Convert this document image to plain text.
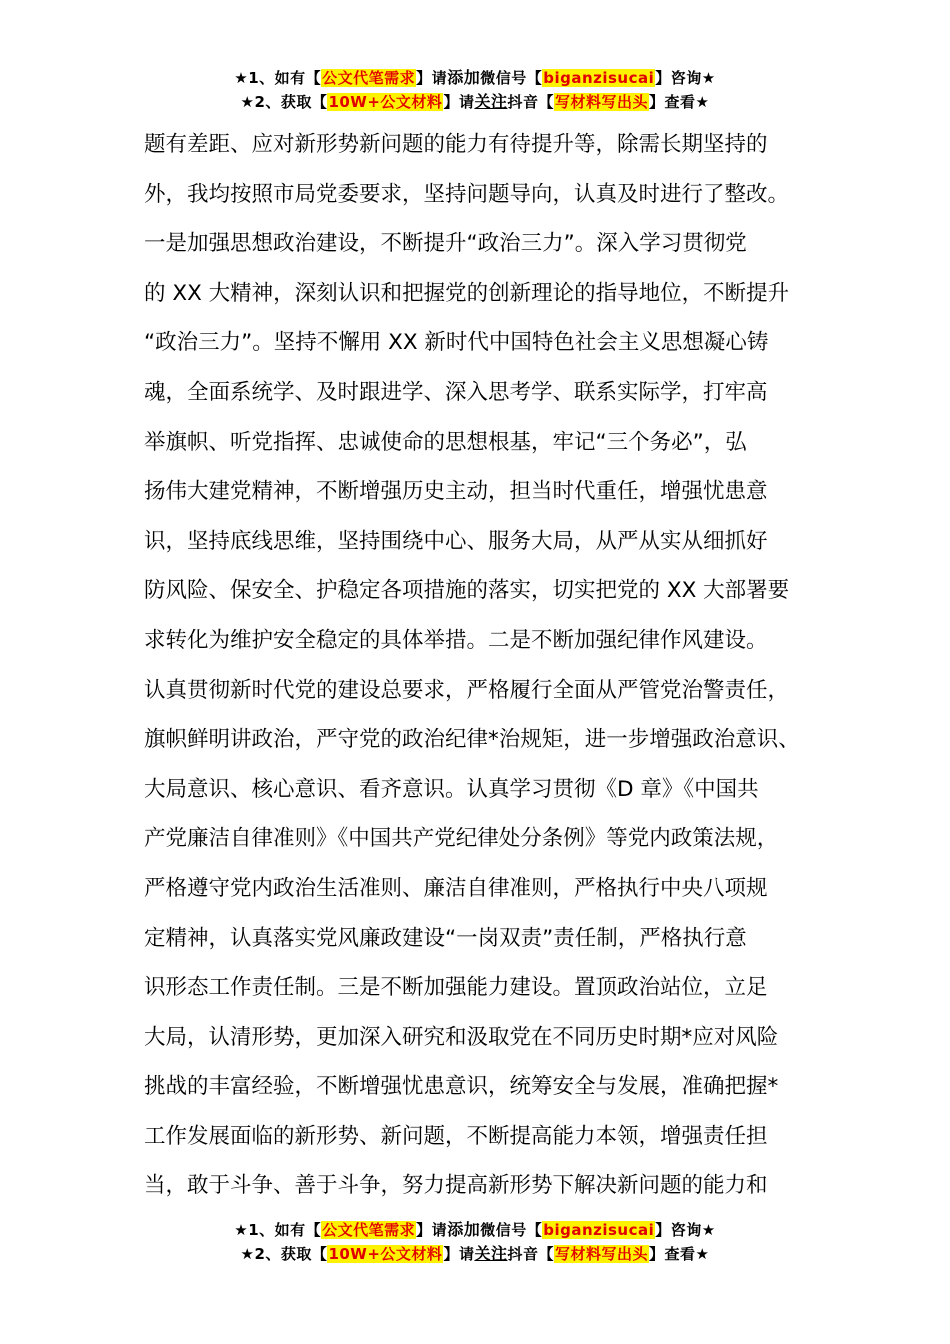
★1、如有【公文代笔需求】请添加微信号【biganzisucai】咨询★
★2、获取【10W+公文材料】请关注抖音【写材料写出头】查看★
题有差距、应对新形势新问题的能力有待提升等，除需长期坚持的
外，我均按照市局党委要求，坚持问题导向，认真及时进行了整改。
一是加强思想政治建设，不断提升“政治三力”。深入学习贯彻党
的 XX 大精神，深刻认识和把握党的创新理论的指导地位，不断提升
“政治三力”。坚持不懈用 XX 新时代中国特色社会主义思想凝心铸
魂，全面系统学、及时跟进学、深入思考学、联系实际学，打牢高
举旗帜、听党指挥、忠诚使命的思想根基，牢记“三个务必”，弘
扬伟大建党精神，不断增强历史主动，担当时代重任，增强忧患意
识，坚持底线思维，坚持围绕中心、服务大局，从严从实从细抓好
防风险、保安全、护稳定各项措施的落实，切实把党的 XX 大部署要
求转化为维护安全稳定的具体举措。二是不断加强纪律作风建设。
认真贯彻新时代党的建设总要求，严格履行全面从严管党治警责任，
旗帜鲜明讲政治，严守党的政治纪律*治规矩，进一步增强政治意识、
大局意识、核心意识、看齐意识。认真学习贯彻《D 章》《中国共
产党廉洁自律准则》《中国共产党纪律处分条例》等党内政策法规，
严格遵守党内政治生活准则、廉洁自律准则，严格执行中央八项规
定精神，认真落实党风廉政建设“一岗双责”责任制，严格执行意
识形态工作责任制。三是不断加强能力建设。置顶政治站位，立足
大局，认清形势，更加深入研究和汲取党在不同历史时期*应对风险
挑战的丰富经验，不断增强忧患意识，统筹安全与发展，准确把握*
工作发展面临的新形势、新问题，不断提高能力本领，增强责任担
当，敢于斗争、善于斗争，努力提高新形势下解决新问题的能力和
★1、如有【公文代笔需求】请添加微信号【biganzisucai】咨询★
★2、获取【10W+公文材料】请关注抖音【写材料写出头】查看★
